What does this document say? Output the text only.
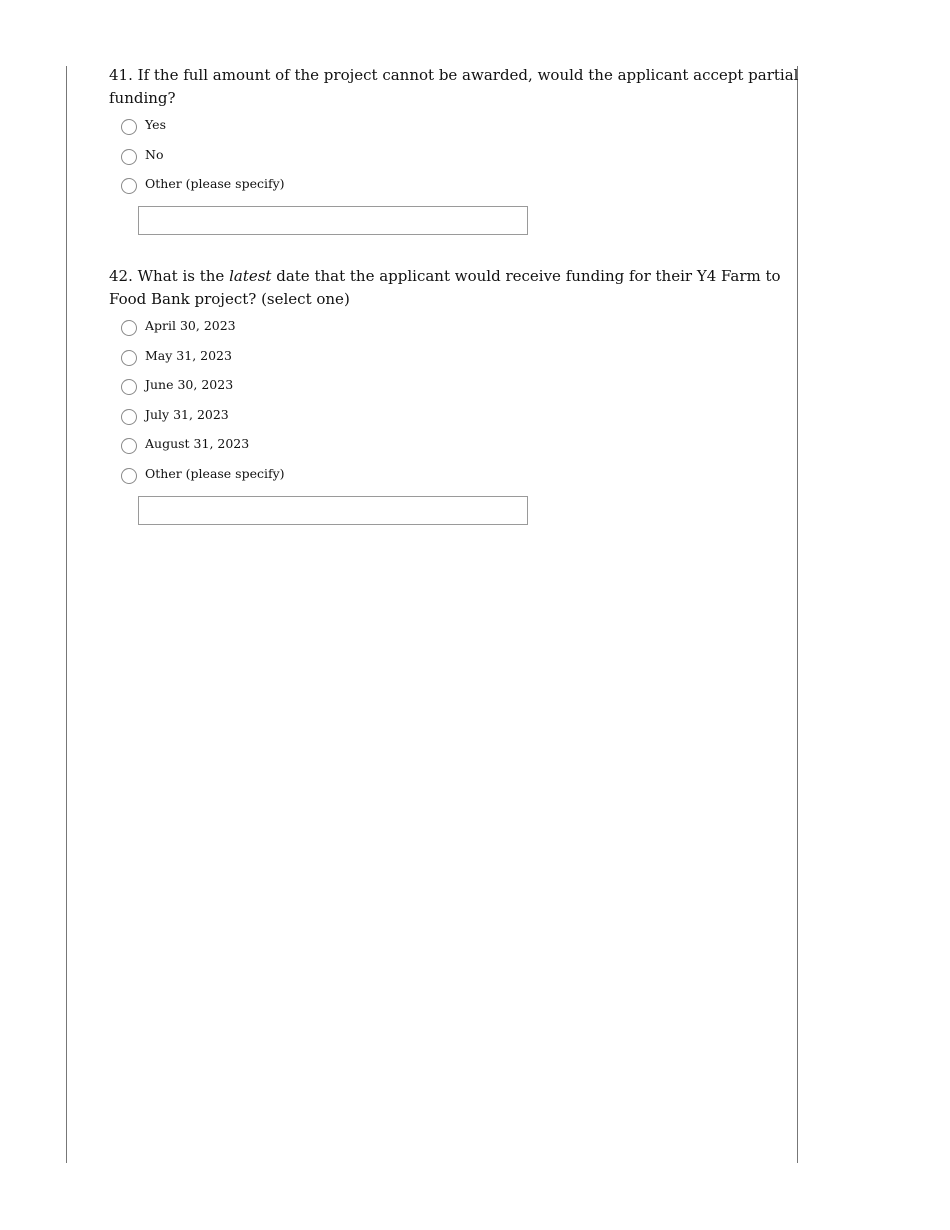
41. If the full amount of the project cannot be awarded, would the applicant accept partial funding?

Yes
No
Other (please specify)

42. What is the latest date that the applicant would receive funding for their Y4 Farm to Food Bank project? (select one)

April 30, 2023
May 31, 2023
June 30, 2023
July 31, 2023
August 31, 2023
Other (please specify)
